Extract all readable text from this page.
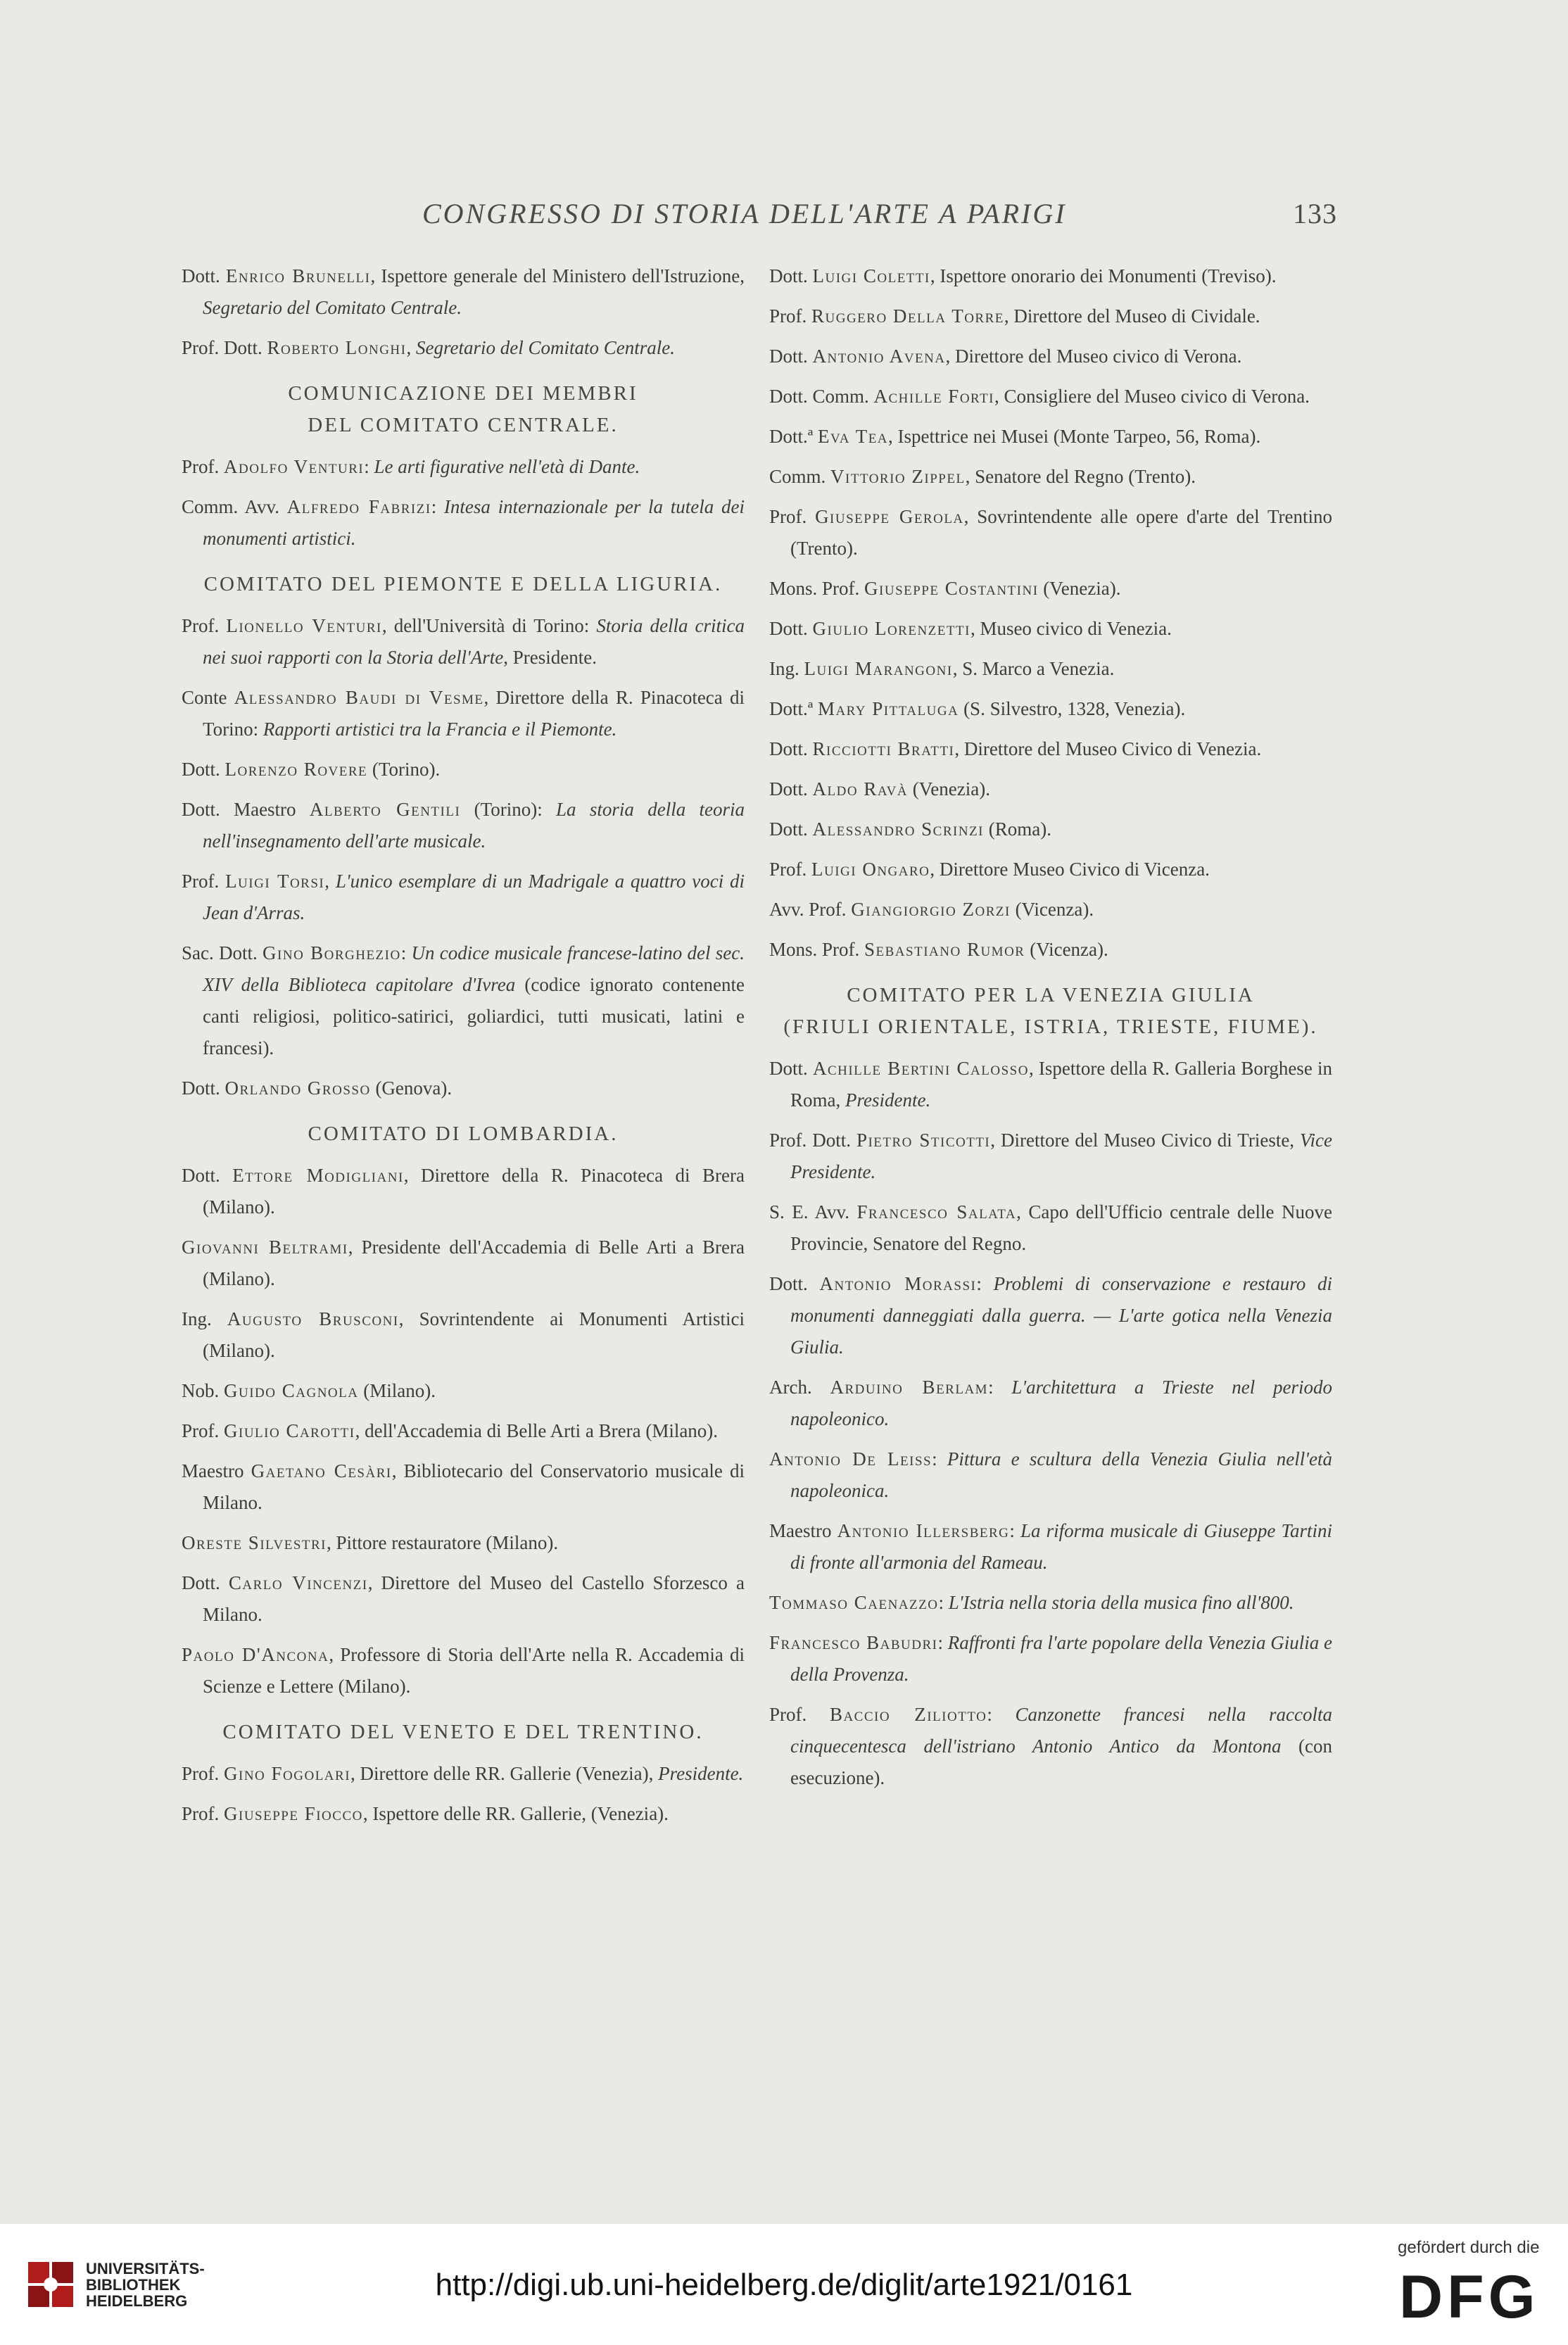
CONGRESSO DI STORIA DELL'ARTE A PARIGI	133
Dott. Enrico Brunelli, Ispettore generale del Ministero dell'Istruzione, Segretario del Comitato Centrale.
Prof. Dott. Roberto Longhi, Segretario del Comitato Centrale.
COMUNICAZIONE DEI MEMBRI
DEL COMITATO CENTRALE.
Prof. Adolfo Venturi: Le arti figurative nell'età di Dante.
Comm. Avv. Alfredo Fabrizi: Intesa internazionale per la tutela dei monumenti artistici.
COMITATO DEL PIEMONTE E DELLA LIGURIA.
Prof. Lionello Venturi, dell'Università di Torino: Storia della critica nei suoi rapporti con la Storia dell'Arte, Presidente.
Conte Alessandro Baudi di Vesme, Direttore della R. Pinacoteca di Torino: Rapporti artistici tra la Francia e il Piemonte.
Dott. Lorenzo Rovere (Torino).
Dott. Maestro Alberto Gentili (Torino): La storia della teoria nell'insegnamento dell'arte musicale.
Prof. Luigi Torsi, L'unico esemplare di un Madrigale a quattro voci di Jean d'Arras.
Sac. Dott. Gino Borghezio: Un codice musicale francese-latino del sec. XIV della Biblioteca capitolare d'Ivrea (codice ignorato contenente canti religiosi, politico-satirici, goliardici, tutti musicati, latini e francesi).
Dott. Orlando Grosso (Genova).
COMITATO DI LOMBARDIA.
Dott. Ettore Modigliani, Direttore della R. Pinacoteca di Brera (Milano).
Giovanni Beltrami, Presidente dell'Accademia di Belle Arti a Brera (Milano).
Ing. Augusto Brusconi, Sovrintendente ai Monumenti Artistici (Milano).
Nob. Guido Cagnola (Milano).
Prof. Giulio Carotti, dell'Accademia di Belle Arti a Brera (Milano).
Maestro Gaetano Cesàri, Bibliotecario del Conservatorio musicale di Milano.
Oreste Silvestri, Pittore restauratore (Milano).
Dott. Carlo Vincenzi, Direttore del Museo del Castello Sforzesco a Milano.
Paolo D'Ancona, Professore di Storia dell'Arte nella R. Accademia di Scienze e Lettere (Milano).
COMITATO DEL VENETO E DEL TRENTINO.
Prof. Gino Fogolari, Direttore delle RR. Gallerie (Venezia), Presidente.
Prof. Giuseppe Fiocco, Ispettore delle RR. Gallerie, (Venezia).
Dott. Luigi Coletti, Ispettore onorario dei Monumenti (Treviso).
Prof. Ruggero Della Torre, Direttore del Museo di Cividale.
Dott. Antonio Avena, Direttore del Museo civico di Verona.
Dott. Comm. Achille Forti, Consigliere del Museo civico di Verona.
Dott.ª Eva Tea, Ispettrice nei Musei (Monte Tarpeo, 56, Roma).
Comm. Vittorio Zippel, Senatore del Regno (Trento).
Prof. Giuseppe Gerola, Sovrintendente alle opere d'arte del Trentino (Trento).
Mons. Prof. Giuseppe Costantini (Venezia).
Dott. Giulio Lorenzetti, Museo civico di Venezia.
Ing. Luigi Marangoni, S. Marco a Venezia.
Dott.ª Mary Pittaluga (S. Silvestro, 1328, Venezia).
Dott. Ricciotti Bratti, Direttore del Museo Civico di Venezia.
Dott. Aldo Ravà (Venezia).
Dott. Alessandro Scrinzi (Roma).
Prof. Luigi Ongaro, Direttore Museo Civico di Vicenza.
Avv. Prof. Giangiorgio Zorzi (Vicenza).
Mons. Prof. Sebastiano Rumor (Vicenza).
COMITATO PER LA VENEZIA GIULIA
(FRIULI ORIENTALE, ISTRIA, TRIESTE, FIUME).
Dott. Achille Bertini Calosso, Ispettore della R. Galleria Borghese in Roma, Presidente.
Prof. Dott. Pietro Sticotti, Direttore del Museo Civico di Trieste, Vice Presidente.
S. E. Avv. Francesco Salata, Capo dell'Ufficio centrale delle Nuove Provincie, Senatore del Regno.
Dott. Antonio Morassi: Problemi di conservazione e restauro di monumenti danneggiati dalla guerra. — L'arte gotica nella Venezia Giulia.
Arch. Arduino Berlam: L'architettura a Trieste nel periodo napoleonico.
Antonio De Leiss: Pittura e scultura della Venezia Giulia nell'età napoleonica.
Maestro Antonio Illersberg: La riforma musicale di Giuseppe Tartini di fronte all'armonia del Rameau.
Tommaso Caenazzo: L'Istria nella storia della musica fino all'800.
Francesco Babudri: Raffronti fra l'arte popolare della Venezia Giulia e della Provenza.
Prof. Baccio Ziliotto: Canzonette francesi nella raccolta cinquecentesca dell'istriano Antonio Antico da Montona (con esecuzione).
UNIVERSITÄTS-
BIBLIOTHEK
HEIDELBERG	http://digi.ub.uni-heidelberg.de/diglit/arte1921/0161
gefördert durch die
DFG
